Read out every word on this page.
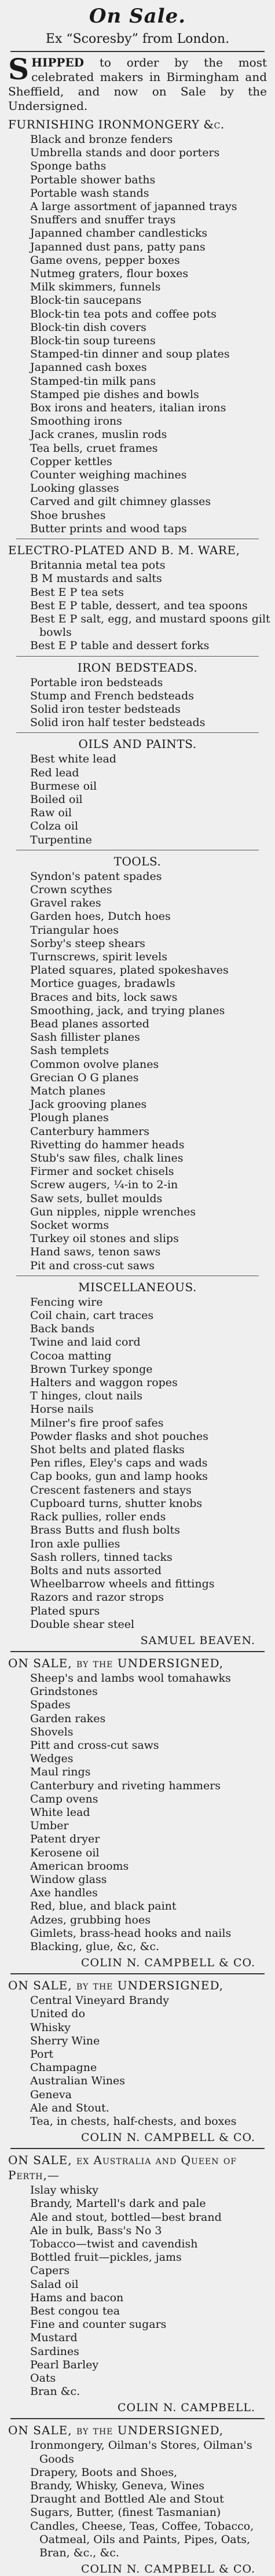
On Sale.
Ex “Scoresby” from London.

SHIPPED to order by the most celebrated makers in Birmingham and Sheffield, and now on Sale by the Undersigned.

FURNISHING IRONMONGERY &c.
Black and bronze fenders
Umbrella stands and door porters
Sponge baths
Portable shower baths
Portable wash stands
A large assortment of japanned trays
Snuffers and snuffer trays
Japanned chamber candlesticks
Japanned dust pans, patty pans
Game ovens, pepper boxes
Nutmeg graters, flour boxes
Milk skimmers, funnels
Block-tin saucepans
Block-tin tea pots and coffee pots
Block-tin dish covers
Block-tin soup tureens
Stamped-tin dinner and soup plates
Japanned cash boxes
Stamped-tin milk pans
Stamped pie dishes and bowls
Box irons and heaters, italian irons
Smoothing irons
Jack cranes, muslin rods
Tea bells, cruet frames
Copper kettles
Counter weighing machines
Looking glasses
Carved and gilt chimney glasses
Shoe brushes
Butter prints and wood taps
ELECTRO-PLATED AND B. M. WARE,
Britannia metal tea pots
B M mustards and salts
Best E P tea sets
Best E P table, dessert, and tea spoons
Best E P salt, egg, and mustard spoons gilt bowls
Best E P table and dessert forks
IRON BEDSTEADS.
Portable iron bedsteads
Stump and French bedsteads
Solid iron tester bedsteads
Solid iron half tester bedsteads
OILS AND PAINTS.
Best white lead
Red lead
Burmese oil
Boiled oil
Raw oil
Colza oil
Turpentine
TOOLS.
Syndon's patent spades
Crown scythes
Gravel rakes
Garden hoes, Dutch hoes
Triangular hoes
Sorby's steep shears
Turnscrews, spirit levels
Plated squares, plated spokeshaves
Mortice guages, bradawls
Braces and bits, lock saws
Smoothing, jack, and trying planes
Bead planes assorted
Sash fillister planes
Sash templets
Common ovolve planes
Grecian O G planes
Match planes
Jack grooving planes
Plough planes
Canterbury hammers
Rivetting do hammer heads
Stub's saw files, chalk lines
Firmer and socket chisels
Screw augers, ¼-in to 2-in
Saw sets, bullet moulds
Gun nipples, nipple wrenches
Socket worms
Turkey oil stones and slips
Hand saws, tenon saws
Pit and cross-cut saws
MISCELLANEOUS.
Fencing wire
Coil chain, cart traces
Back bands
Twine and laid cord
Cocoa matting
Brown Turkey sponge
Halters and waggon ropes
T hinges, clout nails
Horse nails
Milner's fire proof safes
Powder flasks and shot pouches
Shot belts and plated flasks
Pen rifles, Eley's caps and wads
Cap books, gun and lamp hooks
Crescent fasteners and stays
Cupboard turns, shutter knobs
Rack pullies, roller ends
Brass Butts and flush bolts
Iron axle pullies
Sash rollers, tinned tacks
Bolts and nuts assorted
Wheelbarrow wheels and fittings
Razors and razor strops
Plated spurs
Double shear steel
SAMUEL BEAVEN.
ON SALE, by the UNDERSIGNED,
Sheep's and lambs wool tomahawks
Grindstones
Spades
Garden rakes
Shovels
Pitt and cross-cut saws
Wedges
Maul rings
Canterbury and riveting hammers
Camp ovens
White lead
Umber
Patent dryer
Kerosene oil
American brooms
Window glass
Axe handles
Red, blue, and black paint
Adzes, grubbing hoes
Gimlets, brass-head hooks and nails
Blacking, glue, &c, &c.
COLIN N. CAMPBELL & CO.
ON SALE, by the UNDERSIGNED,
Central Vineyard Brandy
United do
Whisky
Sherry Wine
Port
Champagne
Australian Wines
Geneva
Ale and Stout.
Tea, in chests, half-chests, and boxes
COLIN N. CAMPBELL & CO.
ON SALE, ex Australia and Queen of Perth,—
Islay whisky
Brandy, Martell's dark and pale
Ale and stout, bottled—best brand
Ale in bulk, Bass's No 3
Tobacco—twist and cavendish
Bottled fruit—pickles, jams
Capers
Salad oil
Hams and bacon
Best congou tea
Fine and counter sugars
Mustard
Sardines
Pearl Barley
Oats
Bran &c.
COLIN N. CAMPBELL.
ON SALE, by the UNDERSIGNED,
Ironmongery, Oilman's Stores, Oilman's Goods
Drapery, Boots and Shoes,
Brandy, Whisky, Geneva, Wines
Draught and Bottled Ale and Stout
Sugars, Butter, (finest Tasmanian)
Candles, Cheese, Teas, Coffee, Tobacco, Oatmeal, Oils and Paints, Pipes, Oats, Bran, &c., &c.
COLIN N. CAMPBELL & CO.
